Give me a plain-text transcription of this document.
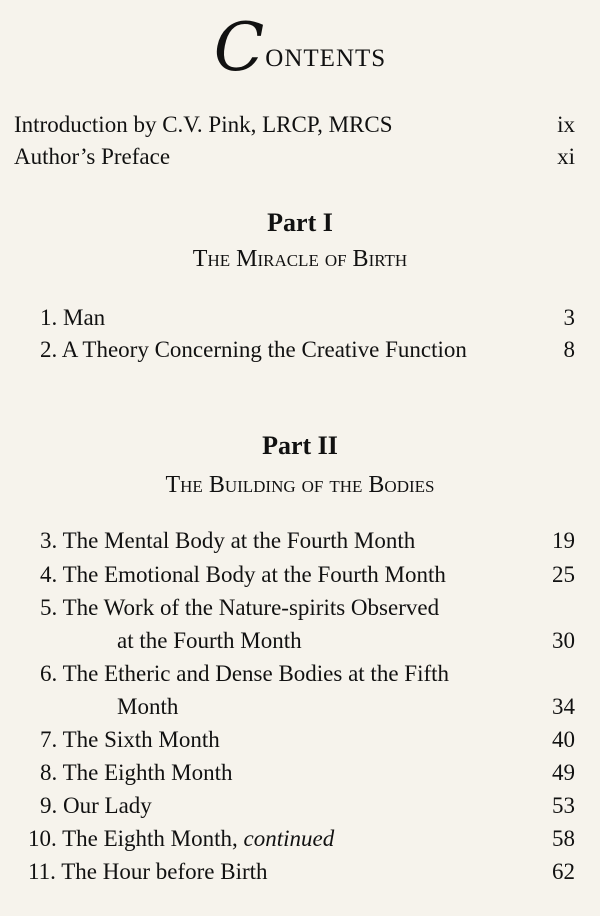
Contents
Introduction by C.V. Pink, LRCP, MRCS	ix
Author’s Preface	xi
Part I
The Miracle of Birth
1. Man	3
2. A Theory Concerning the Creative Function	8
Part II
The Building of the Bodies
3. The Mental Body at the Fourth Month	19
4. The Emotional Body at the Fourth Month	25
5. The Work of the Nature-spirits Observed
at the Fourth Month	30
6. The Etheric and Dense Bodies at the Fifth
Month	34
7. The Sixth Month	40
8. The Eighth Month	49
9. Our Lady	53
10. The Eighth Month, continued	58
11. The Hour before Birth	62
